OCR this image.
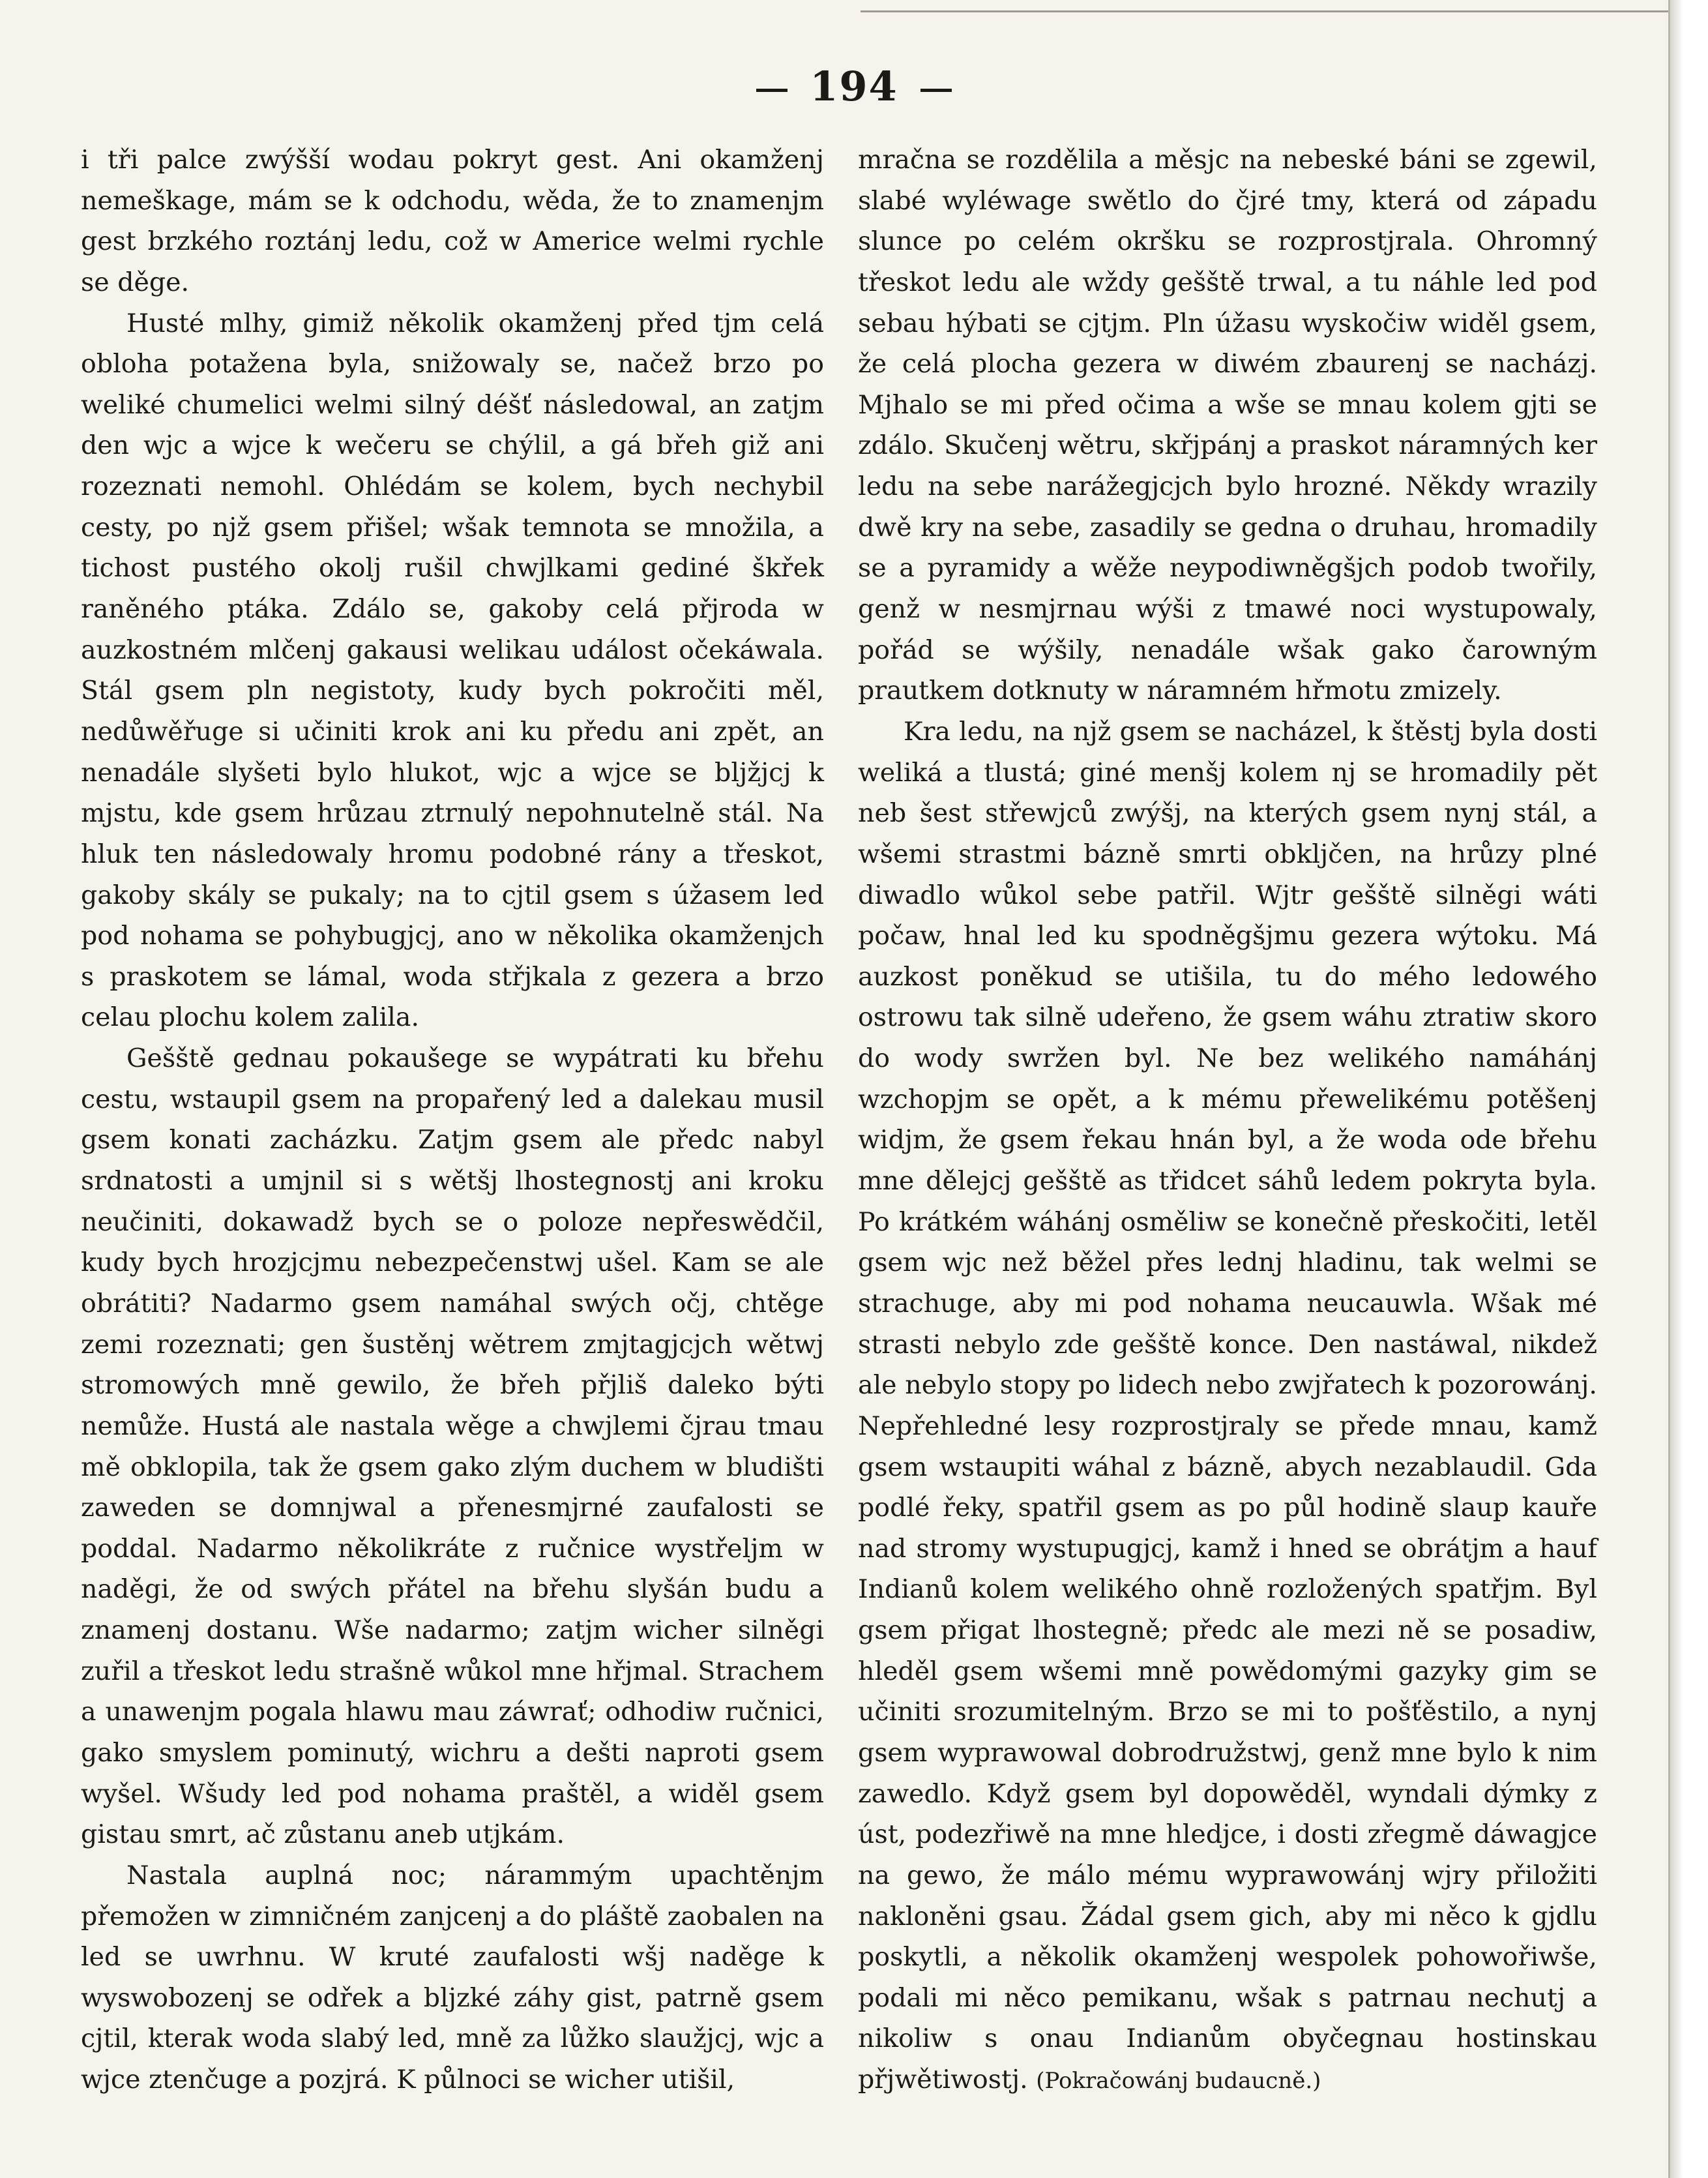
194

i tři palce zwýšší wodau pokryt gest. Ani okamženj nemeškage, mám se k odchodu, wěda, že to znamenjm gest brzkého roztánj ledu, což w Americe welmi rychle se děge.

Husté mlhy, gimiž několik okamženj před tjm celá obloha potažena byla, snižowaly se, načež brzo po weliké chumelici welmi silný déšť následowal, an zatjm den wjc a wjce k wečeru se chýlil, a gá břeh giž ani rozeznati nemohl. Ohlédám se kolem, bych nechybil cesty, po njž gsem přišel; wšak temnota se množila, a tichost pustého okolj rušil chwjlkami gediné škřek raněného ptáka. Zdálo se, gakoby celá přjroda w auzkostném mlčenj gakausi welikau událost očekáwala. Stál gsem pln negistoty, kudy bych pokročiti měl, nedůwěřuge si učiniti krok ani ku předu ani zpět, an nenadále slyšeti bylo hlukot, wjc a wjce se bljžjcj k mjstu, kde gsem hrůzau ztrnulý nepohnutelně stál. Na hluk ten následowaly hromu podobné rány a třeskot, gakoby skály se pukaly; na to cjtil gsem s úžasem led pod nohama se pohybugjcj, ano w několika okamženjch s praskotem se lámal, woda střjkala z gezera a brzo celau plochu kolem zalila.

Gešště gednau pokaušege se wypátrati ku břehu cestu, wstaupil gsem na propařený led a dalekau musil gsem konati zacházku. Zatjm gsem ale předc nabyl srdnatosti a umjnil si s wětšj lhostegnostj ani kroku neučiniti, dokawadž bych se o poloze nepřeswědčil, kudy bych hrozjcjmu nebezpečenstwj ušel. Kam se ale obrátiti? Nadarmo gsem namáhal swých očj, chtěge zemi rozeznati; gen šustěnj wětrem zmjtagjcjch wětwj stromowých mně gewilo, že břeh přjliš daleko býti nemůže. Hustá ale nastala wěge a chwjlemi čjrau tmau mě obklopila, tak že gsem gako zlým duchem w bludišti zaweden se domnjwal a přenesmjrné zaufalosti se poddal. Nadarmo několikráte z ručnice wystřeljm w naděgi, že od swých přátel na břehu slyšán budu a znamenj dostanu. Wše nadarmo; zatjm wicher silněgi zuřil a třeskot ledu strašně wůkol mne hřjmal. Strachem a unawenjm pogala hlawu mau záwrať; odhodiw ručnici, gako smyslem pominutý, wichru a dešti naproti gsem wyšel. Wšudy led pod nohama praštěl, a widěl gsem gistau smrt, ač zůstanu aneb utjkám.

Nastala auplná noc; nárammým upachtěnjm přemožen w zimničném zanjcenj a do pláště zaobalen na led se uwrhnu. W kruté zaufalosti wšj naděge k wyswobozenj se odřek a bljzké záhy gist, patrně gsem cjtil, kterak woda slabý led, mně za lůžko slaužjcj, wjc a wjce ztenčuge a pozjrá. K půlnoci se wicher utišil,

mračna se rozdělila a měsjc na nebeské báni se zgewil, slabé wyléwage swětlo do čjré tmy, která od západu slunce po celém okršku se rozprostjrala. Ohromný třeskot ledu ale wždy gešště trwal, a tu náhle led pod sebau hýbati se cjtjm. Pln úžasu wyskočiw widěl gsem, že celá plocha gezera w diwém zbaurenj se nacházj. Mjhalo se mi před očima a wše se mnau kolem gjti se zdálo. Skučenj wětru, skřjpánj a praskot náramných ker ledu na sebe narážegjcjch bylo hrozné. Někdy wrazily dwě kry na sebe, zasadily se gedna o druhau, hromadily se a pyramidy a wěže neypodiwněgšjch podob twořily, genž w nesmjrnau wýši z tmawé noci wystupowaly, pořád se wýšily, nenadále wšak gako čarowným prautkem dotknuty w náramném hřmotu zmizely.

Kra ledu, na njž gsem se nacházel, k štěstj byla dosti weliká a tlustá; giné menšj kolem nj se hromadily pět neb šest střewjců zwýšj, na kterých gsem nynj stál, a wšemi strastmi bázně smrti obkljčen, na hrůzy plné diwadlo wůkol sebe patřil. Wjtr gešště silněgi wáti počaw, hnal led ku spodněgšjmu gezera wýtoku. Má auzkost poněkud se utišila, tu do mého ledowého ostrowu tak silně udeřeno, že gsem wáhu ztratiw skoro do wody swržen byl. Ne bez welikého namáhánj wzchopjm se opět, a k mému přewelikému potěšenj widjm, že gsem řekau hnán byl, a že woda ode břehu mne dělejcj gešště as třidcet sáhů ledem pokryta byla. Po krátkém wáhánj osměliw se konečně přeskočiti, letěl gsem wjc než běžel přes lednj hladinu, tak welmi se strachuge, aby mi pod nohama neucauwla. Wšak mé strasti nebylo zde gešště konce. Den nastáwal, nikdež ale nebylo stopy po lidech nebo zwjřatech k pozorowánj. Nepřehledné lesy rozprostjraly se přede mnau, kamž gsem wstaupiti wáhal z bázně, abych nezablaudil. Gda podlé řeky, spatřil gsem as po půl hodině slaup kauře nad stromy wystupugjcj, kamž i hned se obrátjm a hauf Indianů kolem welikého ohně rozložených spatřjm. Byl gsem přigat lhostegně; předc ale mezi ně se posadiw, hleděl gsem wšemi mně powědomými gazyky gim se učiniti srozumitelným. Brzo se mi to pošťěstilo, a nynj gsem wyprawowal dobrodružstwj, genž mne bylo k nim zawedlo. Když gsem byl dopowěděl, wyndali dýmky z úst, podezřiwě na mne hledjce, i dosti zřegmě dáwagjce na gewo, že málo mému wyprawowánj wjry přiložiti nakloněni gsau. Žádal gsem gich, aby mi něco k gjdlu poskytli, a několik okamženj wespolek pohowořiwše, podali mi něco pemikanu, wšak s patrnau nechutj a nikoliw s onau Indianům obyčegnau hostinskau přjwětiwostj. (Pokračowánj budaucně.)
